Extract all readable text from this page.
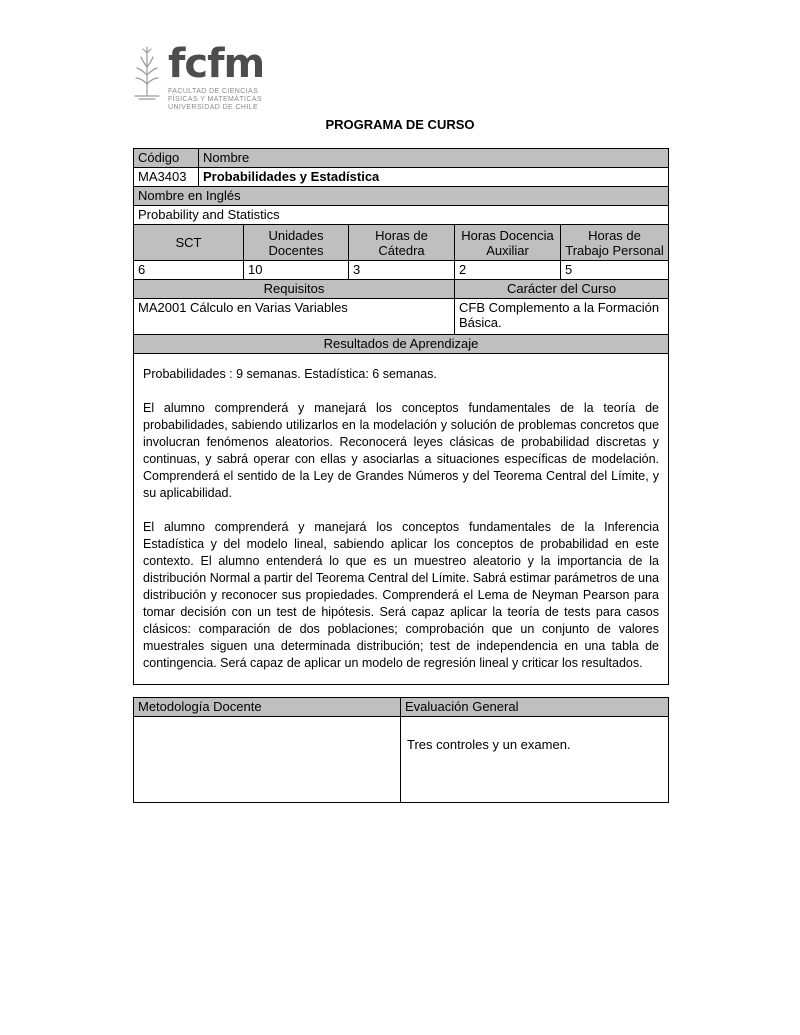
fcfm
FACULTAD DE CIENCIAS
FÍSICAS Y MATEMÁTICAS
UNIVERSIDAD DE CHILE
PROGRAMA DE CURSO
Código	Nombre				
MA3403	Probabilidades y Estadística				
Nombre en Inglés					
Probability and Statistics					
SCT		Unidades Docentes	Horas de Cátedra	Horas Docencia Auxiliar	Horas de Trabajo Personal
6		10	3	2	5
Requisitos				Carácter del Curso	
MA2001 Cálculo en Varias Variables				CFB Complemento a la Formación Básica.	
Resultados de Aprendizaje					

Probabilidades : 9 semanas. Estadística: 6 semanas.

El alumno comprenderá y manejará los conceptos fundamentales de la teoría de probabilidades, sabiendo utilizarlos en la modelación y solución de problemas concretos que involucran fenómenos aleatorios. Reconocerá leyes clásicas de probabilidad discretas y continuas, y sabrá operar con ellas y asociarlas a situaciones específicas de modelación. Comprenderá el sentido de la Ley de Grandes Números y del Teorema Central del Límite, y su aplicabilidad.

El alumno comprenderá y manejará los conceptos fundamentales de la Inferencia Estadística y del modelo lineal, sabiendo aplicar los conceptos de probabilidad en este contexto. El alumno entenderá lo que es un muestreo aleatorio y la importancia de la distribución Normal a partir del Teorema Central del Límite. Sabrá estimar parámetros de una distribución y reconocer sus propiedades. Comprenderá el Lema de Neyman Pearson para tomar decisión con un test de hipótesis. Será capaz aplicar la teoría de tests para casos clásicos: comparación de dos poblaciones; comprobación que un conjunto de valores muestrales siguen una determinada distribución; test de independencia en una tabla de contingencia. Será capaz de aplicar un modelo de regresión lineal y criticar los resultados.					

Metodología Docente	Evaluación General
	Tres controles y un examen.
